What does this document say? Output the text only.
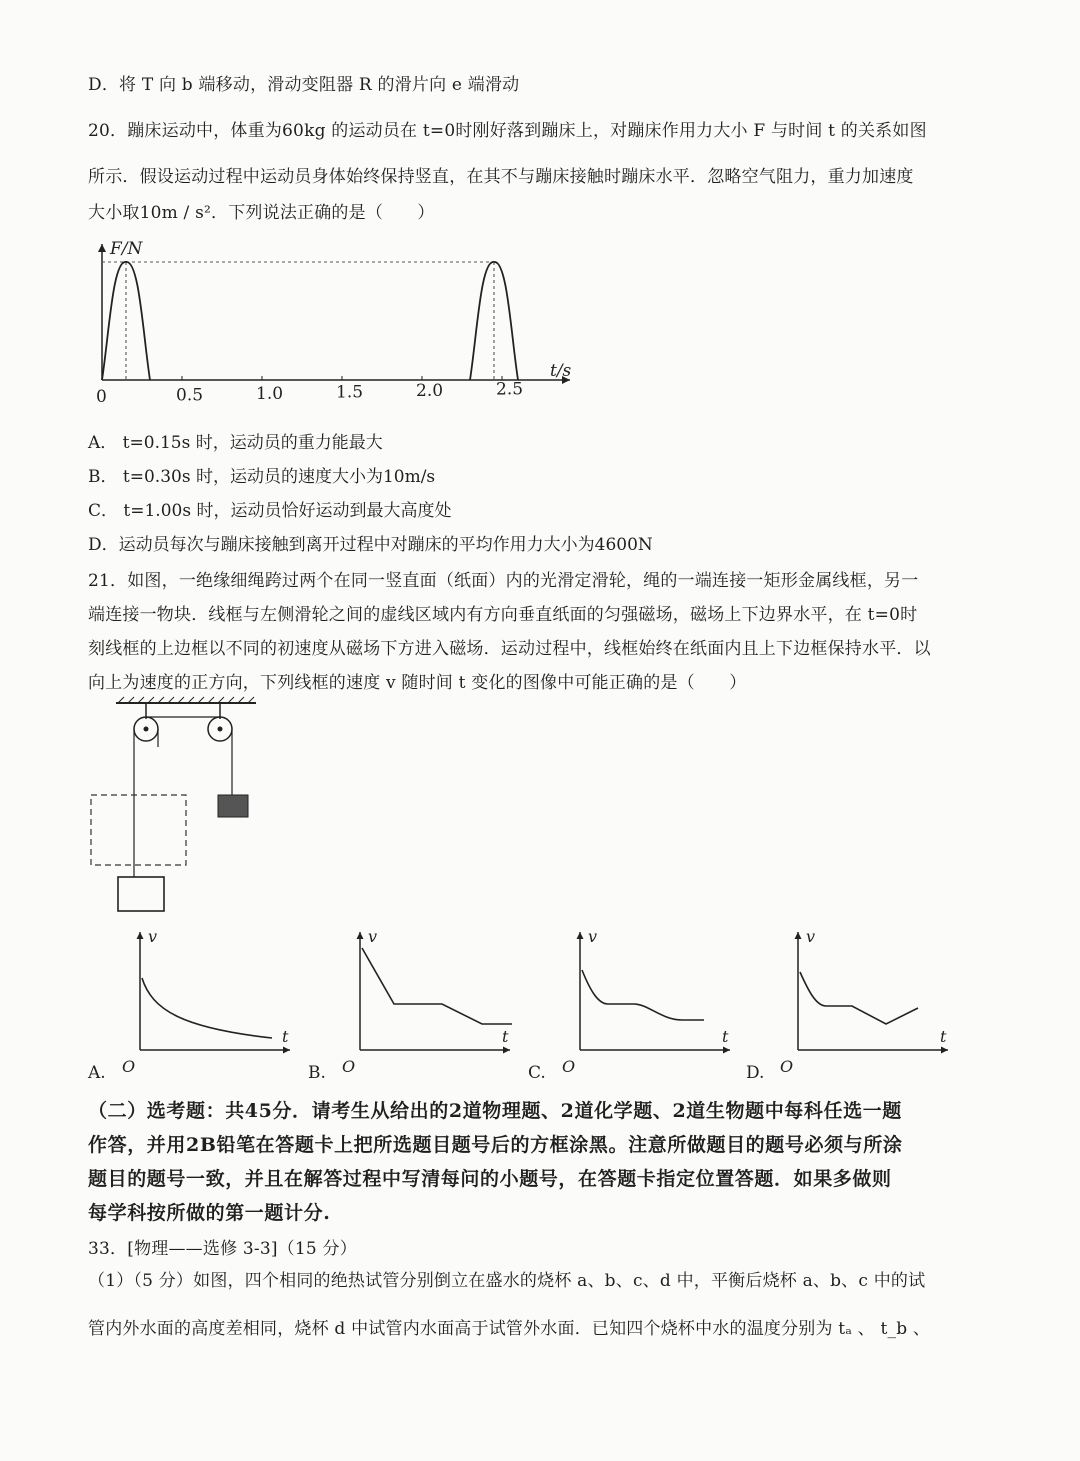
D．将 T 向 b 端移动，滑动变阻器 R 的滑片向 e 端滑动
20．蹦床运动中，体重为60kg 的运动员在 t=0时刚好落到蹦床上，对蹦床作用力大小 F 与时间 t 的关系如图
所示．假设运动过程中运动员身体始终保持竖直，在其不与蹦床接触时蹦床水平．忽略空气阻力，重力加速度
大小取10m / s²．下列说法正确的是（　　）
0	0.5	1.0	1.5	2.0	2.5
F/N
t/s
A． t=0.15s 时，运动员的重力能最大
B． t=0.30s 时，运动员的速度大小为10m/s
C． t=1.00s 时，运动员恰好运动到最大高度处
D．运动员每次与蹦床接触到离开过程中对蹦床的平均作用力大小为4600N
21．如图，一绝缘细绳跨过两个在同一竖直面（纸面）内的光滑定滑轮，绳的一端连接一矩形金属线框，另一
端连接一物块．线框与左侧滑轮之间的虚线区域内有方向垂直纸面的匀强磁场，磁场上下边界水平，在 t=0时
刻线框的上边框以不同的初速度从磁场下方进入磁场．运动过程中，线框始终在纸面内且上下边框保持水平．以
向上为速度的正方向，下列线框的速度 v 随时间 t 变化的图像中可能正确的是（　　）
v
t
O
A.
v
t
O
B.
v
t
O
C.
v
t
O
D.
（二）选考题：共45分．请考生从给出的2道物理题、2道化学题、2道生物题中每科任选一题
作答，并用2B铅笔在答题卡上把所选题目题号后的方框涂黑。注意所做题目的题号必须与所涂
题目的题号一致，并且在解答过程中写清每问的小题号，在答题卡指定位置答题．如果多做则
每学科按所做的第一题计分.
33．[物理——选修 3-3]（15 分）
（1）（5 分）如图，四个相同的绝热试管分别倒立在盛水的烧杯 a、b、c、d 中，平衡后烧杯 a、b、c 中的试
管内外水面的高度差相同，烧杯 d 中试管内水面高于试管外水面．已知四个烧杯中水的温度分别为 tₐ 、 t_b 、
